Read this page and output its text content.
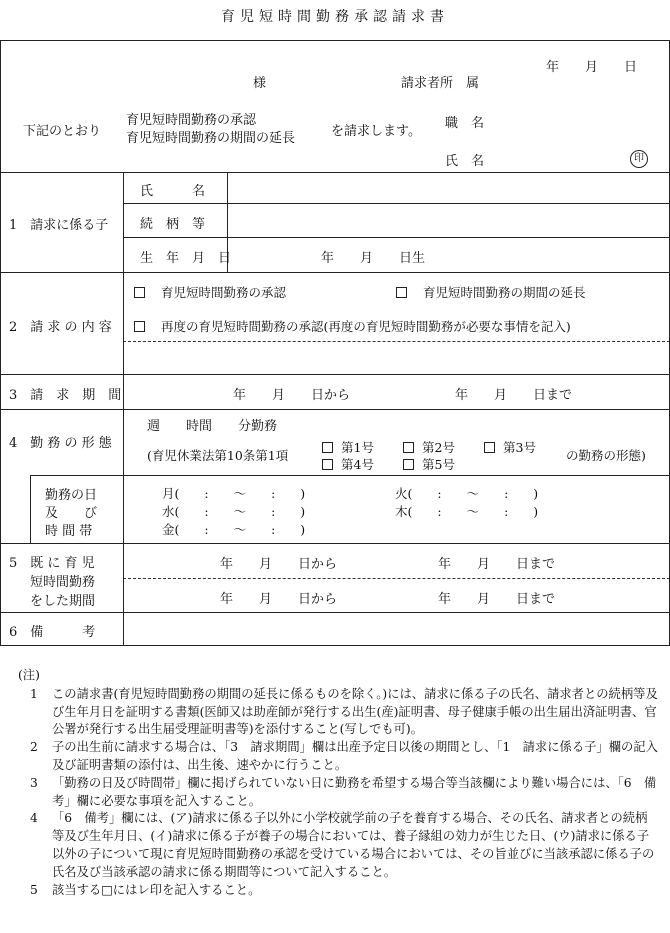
育児短時間勤務承認請求書
年　　月　　日
様	請求者所　属
下記のとおり
育児短時間勤務の承認
育児短時間勤務の期間の延長	を請求します。
職　名
氏　名	印
1　請求に係る子
氏　　　名
続　柄　等
生　年　月　日	年　　月　　日生
2　請 求 の 内 容
育児短時間勤務の承認	育児短時間勤務の期間の延長
再度の育児短時間勤務の承認(再度の育児短時間勤務が必要な事情を記入)
3　請　求　期　間	年　　月　　日から	年　　月　　日まで
4　勤 務 の 形 態
週　　時間　　分勤務
(育児休業法第10条第1項
第1号	第2号	第3号
第4号	第5号
の勤務の形態)
勤務の日
及　　び
時 間 帯
月(　　:　　〜　　:　　)	火(　　:　　〜　　:　　)
水(　　:　　〜　　:　　)	木(　　:　　〜　　:　　)
金(　　:　　〜　　:　　)
5　既 に 育 児
短時間勤務
をした期間
年　　月　　日から	年　　月　　日まで
年　　月　　日から	年　　月　　日まで
6　備　　　考

(注)

1	この請求書(育児短時間勤務の期間の延長に係るものを除く。)には、請求に係る子の氏名、請求者との続柄等及び生年月日を証明する書類(医師又は助産師が発行する出生(産)証明書、母子健康手帳の出生届出済証明書、官公署が発行する出生届受理証明書等)を添付すること(写しでも可)。

2	子の出生前に請求する場合は、「3　請求期間」欄は出産予定日以後の期間とし、「1　請求に係る子」欄の記入及び証明書類の添付は、出生後、速やかに行うこと。

3	「勤務の日及び時間帯」欄に掲げられていない日に勤務を希望する場合等当該欄により難い場合には、「6　備考」欄に必要な事項を記入すること。

4	「6　備考」欄には、(ア)請求に係る子以外に小学校就学前の子を養育する場合、その氏名、請求者との続柄等及び生年月日、(イ)請求に係る子が養子の場合においては、養子縁組の効力が生じた日、(ウ)請求に係る子以外の子について現に育児短時間勤務の承認を受けている場合においては、その旨並びに当該承認に係る子の氏名及び当該承認の請求に係る期間等について記入すること。

5	該当する□にはレ印を記入すること。
